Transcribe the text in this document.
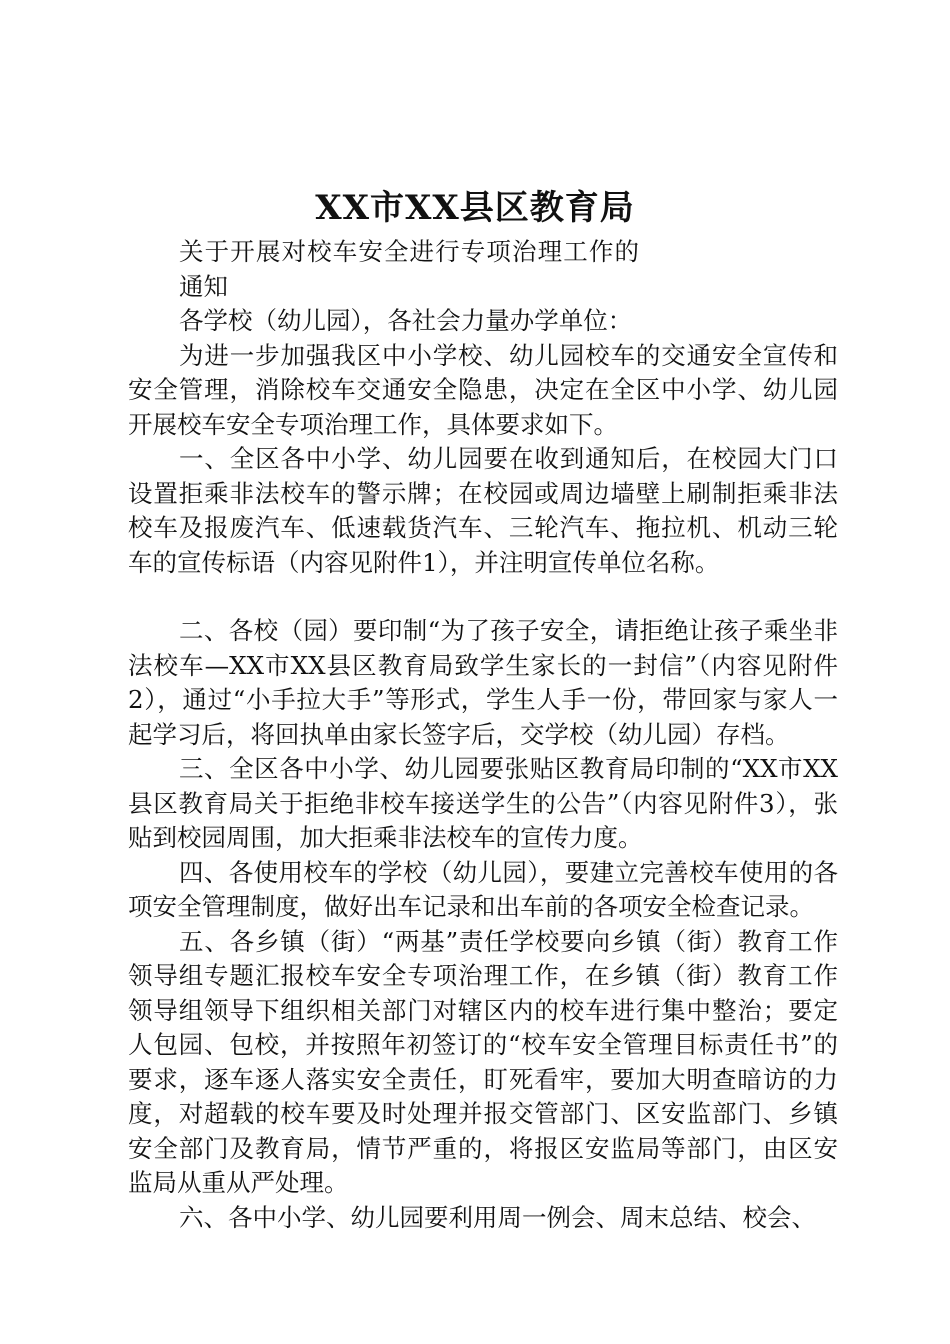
XX市XX县区教育局

关于开展对校车安全进行专项治理工作的通知

各学校（幼儿园），各社会力量办学单位：

为进一步加强我区中小学校、幼儿园校车的交通安全宣传和安全管理，消除校车交通安全隐患，决定在全区中小学、幼儿园开展校车安全专项治理工作，具体要求如下。

一、全区各中小学、幼儿园要在收到通知后，在校园大门口设置拒乘非法校车的警示牌；在校园或周边墙壁上刷制拒乘非法校车及报废汽车、低速载货汽车、三轮汽车、拖拉机、机动三轮车的宣传标语（内容见附件1），并注明宣传单位名称。

二、各校（园）要印制“为了孩子安全，请拒绝让孩子乘坐非法校车—XX市XX县区教育局致学生家长的一封信”（内容见附件2），通过“小手拉大手”等形式，学生人手一份，带回家与家人一起学习后，将回执单由家长签字后，交学校（幼儿园）存档。

三、全区各中小学、幼儿园要张贴区教育局印制的“XX市XX县区教育局关于拒绝非校车接送学生的公告”（内容见附件3），张贴到校园周围，加大拒乘非法校车的宣传力度。

四、各使用校车的学校（幼儿园），要建立完善校车使用的各项安全管理制度，做好出车记录和出车前的各项安全检查记录。

五、各乡镇（街）“两基”责任学校要向乡镇（街）教育工作领导组专题汇报校车安全专项治理工作，在乡镇（街）教育工作领导组领导下组织相关部门对辖区内的校车进行集中整治；要定人包园、包校，并按照年初签订的“校车安全管理目标责任书”的要求，逐车逐人落实安全责任，盯死看牢，要加大明查暗访的力度，对超载的校车要及时处理并报交管部门、区安监部门、乡镇安全部门及教育局，情节严重的，将报区安监局等部门，由区安监局从重从严处理。

六、各中小学、幼儿园要利用周一例会、周末总结、校会、
